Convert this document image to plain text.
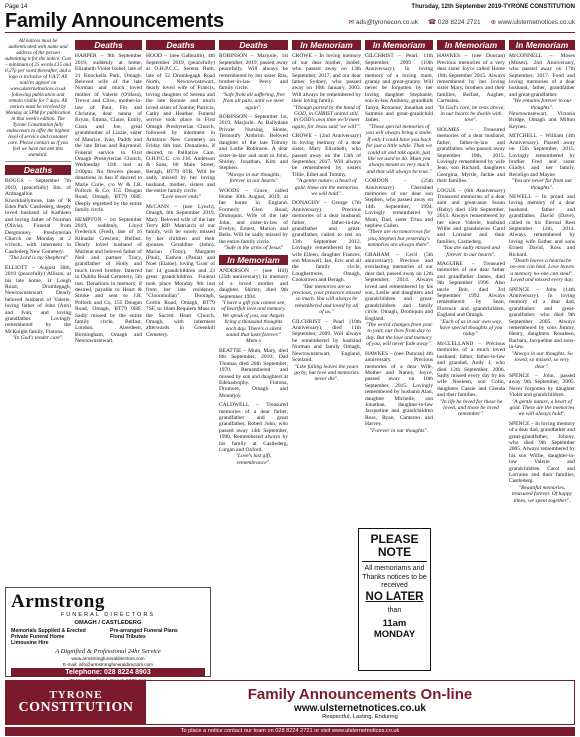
Page 14	Thursday, 12th September 2019-TYRONE CONSTITUTION
Family Announcements	✉ ads@tyronecon.co.uk ☎ 028 8224 2721 ⊕ www.ulsternetnotices.co.uk

All notices must be authenticated with name and address of the person submitting it for the notice. Cost – minimum of 25 words £15 and 0.27p per word thereafter, and a logo is inclusive of V.A.T. All notices appear on www.ulsternetnotices.co.uk following publication and remain visible for 7 days. All notices must be received by Monday at 5PM for publication in that week's edition. The Tyrone Constitution fully endeavours to offer the highest level of service and customer care. Please contact us if you feel we have not met this standard.

Deaths

BOGGS – September 7th 2019, (peacefully) Jim, of Ardnagallon Knockballymore, late of 'R Eden Park' Castlederg, deeply loved husband of Kathleen and loving father of Norman (Olivia). Funeral from Dergmoney Presbyterian Church on Monday at 2 o'clock, with interment in Castlederg New Cemetery.
"The Lord is my Shepherd"

ELLIOTT – August 30th, 2019 (peacefully) Allison, at his late home, 11 Lough Road, Drumlegagh, Newtownstewart. Dearly beloved husband of Valerie, loving father of John (Ann) and Ivan, and loving grandfather. Lovingly remembered by the McKnight family, Fintona.
"In God's tender care".

Deaths

HARPER – 9th September 2019, suddenly at home, Elizabeth Violet Isobel, late of 21 Knockella Park, Omagh. Beloved wife of the late Norman and much loved mother of Valerie (O'Hara), Trevor and Clive, mother-in-law of Paul, Fin and Christine, dear nanna of Bryan, Emma, Claire, Emily, Ciara and Joe, great grandmother of Lizzie, sister of Maurice, Ivan, Paddy and the late Brian and Raymond. Funeral service in First Omagh Presbyterian Church, Wednesday 11th inst at 2:00pm. No flowers please, donations in lieu if desired to Marie Curie, c/o W & J.R. Pollock & Co, 155 Dougan Road, Omagh, BT79 0HF. Deeply regretted by the entire family circle.

HEMPTON – 1st September 2019, suddenly, Lloyd Frederick (Fred), late of 16 Kilnadar Crescent, Belfast. Dearly loved husband of Marlene and beloved father of Neil and partner Tracy, grandfather of Holly and much loved brother. Interred in Dublin Road Cemetery, 5th inst. Donations in memory, if desired, payable to Heart & Stroke and sent to J.R. Pollock and Co, 155 Dougan Road, Omagh, BT79 0HF. Sadly missed by the entire family circle, Belfast, London, Aberdeen, Birmingham, Omagh and Newtownstewart.

Deaths

HOOD – (nee Galbraith), 4th September 2019, (peacefully) at O.H.P.C.C, Serena Ruth, late of 52 Drumlegagh Road North, Newtownstewart, dearly loved wife of Francis, loving daughter of Serena and the late Ronnie and much loved sister of Joanne, Patricia, Cathy and Heather. Funeral service took place in First Omagh Presbyterian Church, followed by interment in Ardstraw New Cemetery on Friday 6th inst. Donations, if desired, to Palliative Care, O.H.P.C.C. c/o J.H. Anderson & Sons, 60 Main Street, Beragh, BT79 0TR. Will be sadly missed by her loving husband, mother, sisters and the entire family circle.
"Love never ends"

McCANN – (nee Lynch), Omagh, 6th September 2019, Mary. Beloved wife of the late Terry RIP. Matriarch of our family, will be sorely missed by her children and their spouses. Geraldine (John), Marian (Tony), Margaret (Paul), Eamon (Paula) and Noel (Elaine), loving 'Gran' of her 14 grandchildren and 23 great grandchildren. Funeral took place Monday 9th inst from her late residence, "Cloonmullan" Dooragh, Gortin Road, Omagh, BT79 7SF, to 10am Requiem Mass in the Sacred Heart Church, Omagh, with interment afterwards in Greenhill Cemetery.

Deaths

ROBINSON – Marjorie, 1st September, 2019, passed away peacefully. Will always be remembered by her sister Rita, brother-in-law Percy and family circle.
"Safe from all suffering, free from all pain, until we meet again".

ROBINSON – September 1st, 2019, Marjorie. At Ballydane Private Nursing Home, Termonfy Anthrim. Beloved daughter of the late Tommy and Lottie Robinson. A dear sister-in-law and aunt to John, Shirley, Jonathan, Kim and Stephen.
"Always in our thoughts, forever in our hearts"

WOODS – Grace, called Home 30th August, 2019, at her home in England. Formerly Glen Road, Drumquin. Wife of the late John, and sister-in-law of Evelyn, Ernest, Marion and Bella. Will be sadly missed by the entire family circle.
"Safe in the arms of Jesus"

In Memoriam

ANDERSON – (nee Hill) (25th anniversary) In memory of a loved mother and daughter, Shirley, died 9th September 1994.
"I have a gift you cannot see, of heartfelt love and memory. We speak of you, our Angels bring a thousand thoughts each day. There's a silent sound that lasts forever."
Mum x

BEATTIE – Mum, Mary, died 8th September, 2010; Dad Thomas died 28th September, 1970. Remembered and missed by son and daughters at Edenadrophy. Fintona, Dromore, Omagh and Mountjoy.

CALDWELL – Treasured memories of a dear father, grandfather and great grandfather, Robert John, who passed away 14th September, 1990. Remembered always by his family at Castlederg, Lurgan and Oxford.
"Love's last gift, remembrance".

In Memoriam

CROWE – In loving memory of our dear mother, Isobel, who passed away on 13th September, 2017, and our dear father Sydney, who passed away on 10th January, 2003. Will always be remembered by their loving family.
"Though parted by the hand of GOD, in CHRIST united still. In GOD's own time we'll meet again, for Jesus said 'we will'".

CROWE – (2nd Anniversary) In loving memory of a dear sister, Mary Elizabeth, who passed away on the 13th of September, 2017. Will always be remembered by sisters Tillie, Ethel and Tommy.
"A gentle nature, a heart of gold, these are the memories we will hold".

DONAGHY – George (7th Anniversary). Precious memories of a dear husband, father, father-in-law, grandfather and great-grandfather, called to rest on 13th September 2012. Lovingly remembered by his wife Eileen, daughter Frances, son Maxwell, Ian, Eric and all the family circle, Loughermore, Omagh, Cookstown and Beragh.
"Our memories are so precious, your presence missed so much. You will always be remembered and loved by all of us."

GILCHRIST – Pearl (10th Anniversary), died 11th September, 2009. Will always be remembered by husband Norman and family Omagh, Newtownstewart, England, Scotland.
"Like falling leaves the years go by, but love and memories never die".

In Memoriam

GILCHRIST – Pearl, 11th September, 2009 (10th Anniversary). In loving memory of a loving mum, granny and great-granny. Will never be forgotten by her loving daughter Stephanie, son-in-law Anthony, grandkids Tanya, Roxanne, Jonathan and Sammie and great-grandchild James.
"Those special memories of you will always bring a smile. If only I could have you back for just a little while. Then we could sit and talk again, just like we used to do. Mum you always meant so very much and that will always be true."

GORDON – (25th Anniversary) Cherished memories of our dear son Stephen, who passed away on 14th September, 1994. Lovingly remembered by Mum, Dad, sister Trina and nephew Cailen.
"There are no tomorrows for you, Stephen but yesterday's memories are always there".

GRAHAM – Cecil (5th anniversary). Precious and everlasting memories of our dear dad, passed away on 12th September, 2014. Always loved and remembered by his son, Leslie and daughters and grandchildren and great-grandchildren and family circle, Omagh, Dromquin and England.
"The world changes from year to year, our lives from day to day. But the love and memory of you, will never fade away".

HAWKES – (nee Duncan) 4th anniversary. Precious memories of a dear Wife, Mother and Nanny, Joyce, passed away on 10th September, 2015. Lovingly remembered by husband Alan, daughter Michelle, son Jonathan, daughter-in-law Jacqueline and grandchildren Ross, Ryan, Cameron and Harvey.
"Forever in our thoughts".

In Memoriam

HAWKES – (nee Duncan) Precious memories of a very dear sister Joyce called Home 10th September 2015. Always remembered by her loving sister Mary, brothers and their families, Belfast, Aughee, Carmalea.
"In God's care, he rests above, in our hearts he dwells with love".

HOLMES – Treasured memories of a dear husband, father, father-in-law and grandfather, who passed away September 10th, 2015. Lovingly remembered by wife Jean, son Richard, daughters Georgina, Myrtle, Jackie and their families.

LOGUE – (6th Anniversary) Treasured memories of a dear aunt and great-aunt Susan (Ruby) died 15th September, 2013. Always remembered by her niece Valerie, husband Willie and grandnieces Carol and Lorraine and their families, Castlederg.
"You are sadly missed and forever in our hearts".

MAGUIRE – Treasured memories of our dear father and grandfather James, died 9th September 1996. Also uncle Bob, died 3rd September 1992. Always remembered by Sean, Florence and grandchildren, England and Omagh.
"Each of us in our own way, have special thoughts of you today".

McCLELLAND – Precious memories of a much loved husband, father, father-in-law and grandad, Andy J, who died 12th September, 2006. Sadly missed every day by his wife Noeleen, son Colin, daughters Cassie and Glenda and their families.
"In life he loved for those he loved, and those he loved remember".

In Memoriam

McCONNELL – Moses (Moses). 2nd Anniversary, who passed away on 17th September, 2017. Fond and loving memories of a dear husband, father, grandfather and great-grandfather.
"He remains forever in our thoughts".
Newtownstewart, Victoria Bridge, Omagh and Milton Keynes.

MITCHELL – William (4th Anniversary). Passed away on 15th September, 2015. Lovingly remembered by brother Fred and sister Gladys and her family, Recoligo and Mayne.
"You are never far from our thoughts".

NEWELL – In proud and loving memory of a dear husband, father and grandfather, David (Dave), called to his Eternal Rest September 12th, 2014. Always remembered by loving wife Esther and sons Ernest David, Ross and Richard.
"Death leaves a heartache no-one can heal. Love leaves a memory no-one can steal".
Loved and missed every day.

SPENCE – John (14th Anniversary). In loving memory of a dear dad, grandfather and great-grandfather, who died 9th September 2005. Always remembered by sons Jimmy, Henry, daughters Rosaleen, Barbara, Jacqueline and sons-in-law.
"Always in our thoughts. So loved, so missed, so very dear".

SPENCE – John, passed away 9th September, 2005. Never forgotten by daughter Violet and grandchildren.
"A gentle nature, a heart of gold. These are the memories we will always hold".

SPENCE – In loving memory of a dear dad, grandfather and great-grandfather, Johnny, who died 9th September 2005. Always remembered by his son Willie, daughter-in-law Valerie and grandchildren Carol and Lorraine and their families, Castlederg.
"Beautiful memories, treasured forever. Of happy times, we spent together".

PLEASE NOTE
All memoriams and Thanks notices to be received
NO LATER
than
11am MONDAY
Armstrong
FUNERAL DIRECTORS
OMAGH / CASTLEDERG
Memorials Supplied & Erected	Pre-arranged Funeral Plans
Private Funeral Home	Floral Tributes
Limousine Hire
A Dignified & Professional 24hr Service
www.armstrongfuneraldirectors.com
E-mail: info@armstrongfuneraldirectors.com
Telephone: 028 8224 8903
TYRONE
CONSTITUTION
Family Announcements On-line
www.ulsternetnotices.co.uk
Respectful, Lasting, Enduring
To place a notice contact our team on 028 8224 2721 or visit www.ulsternetnotices.co.uk
